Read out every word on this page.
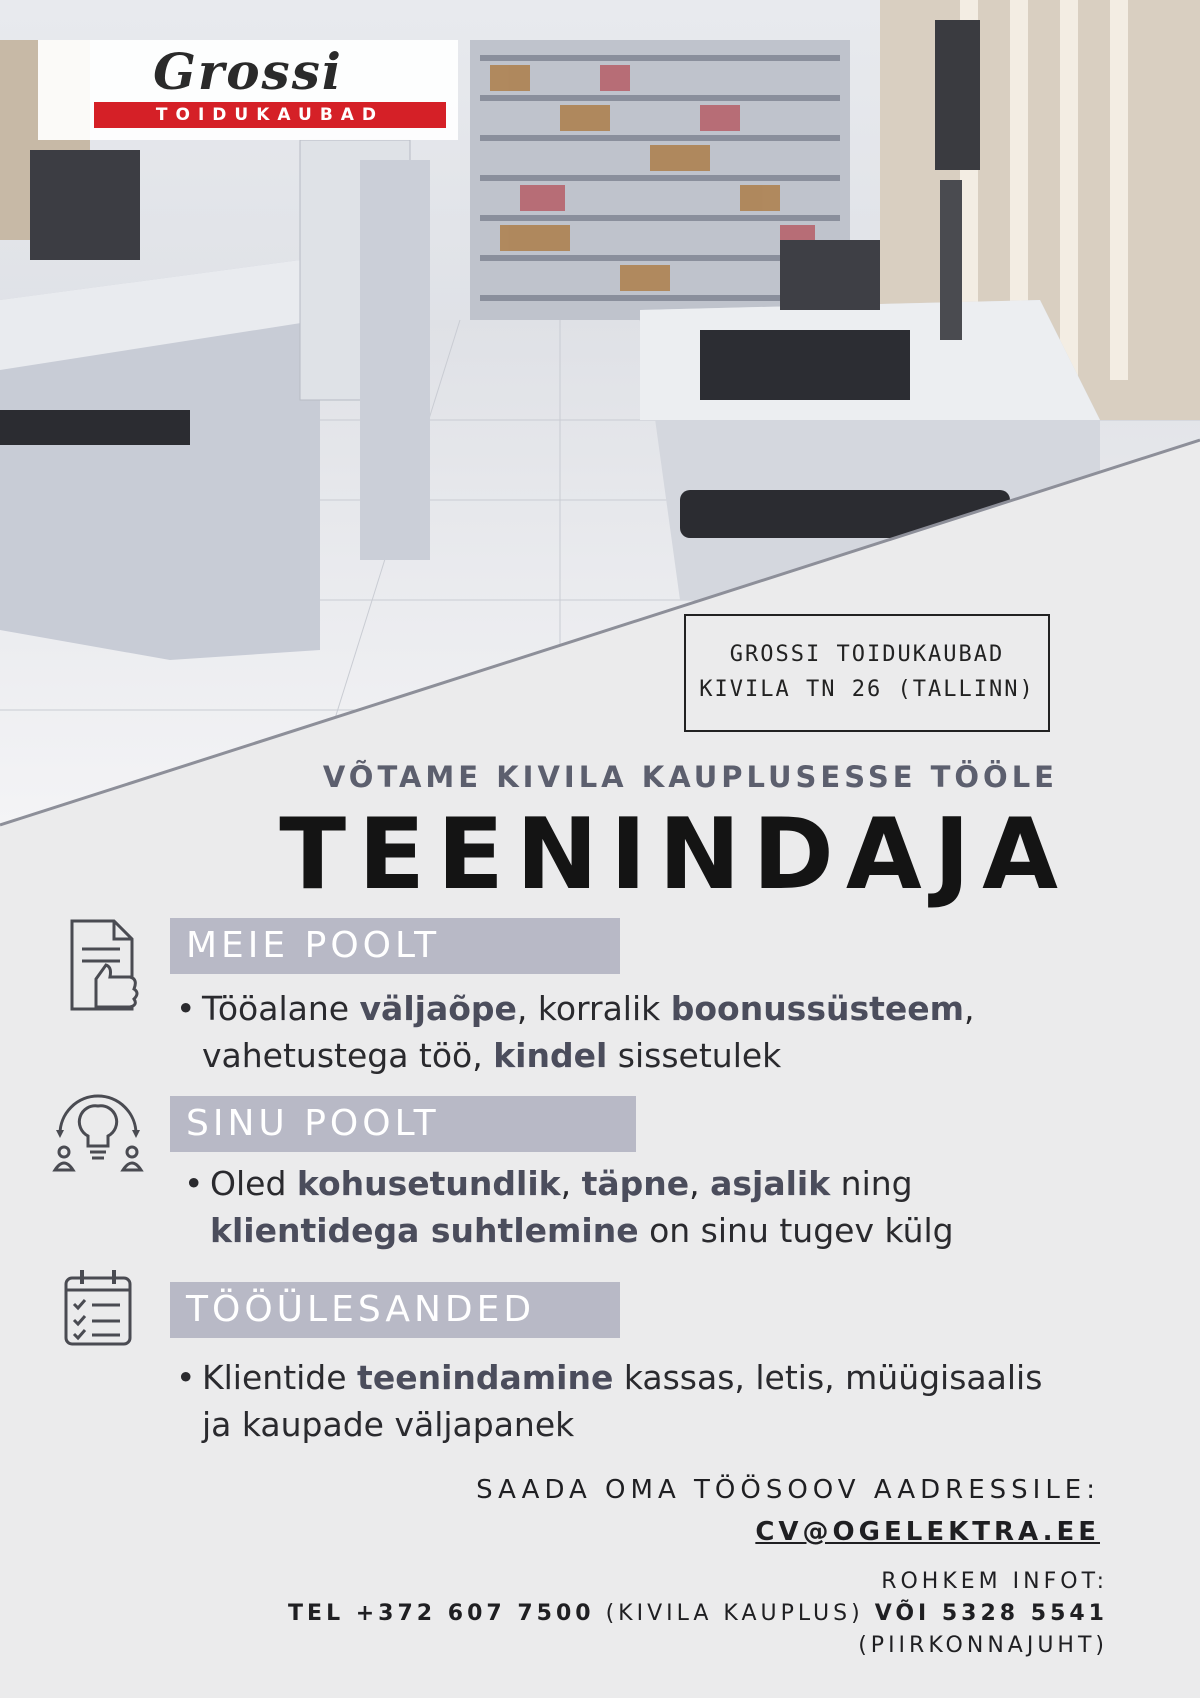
Grossi
TOIDUKAUBAD
GROSSI TOIDUKAUBAD
KIVILA TN 26 (TALLINN)
VÕTAME KIVILA KAUPLUSESSE TÖÖLE
TEENINDAJA
MEIE POOLT
• Tööalane väljaõpe, korralik boonussüsteem,
vahetustega töö, kindel sissetulek
SINU POOLT
• Oled kohusetundlik, täpne, asjalik ning
klientidega suhtlemine on sinu tugev külg
TÖÖÜLESANDED
• Klientide teenindamine kassas, letis, müügisaalis
ja kaupade väljapanek
SAADA OMA TÖÖSOOV AADRESSILE:
CV@OGELEKTRA.EE
ROHKEM INFOT:
TEL +372 607 7500 (KIVILA KAUPLUS) VÕI 5328 5541
(PIIRKONNAJUHT)
